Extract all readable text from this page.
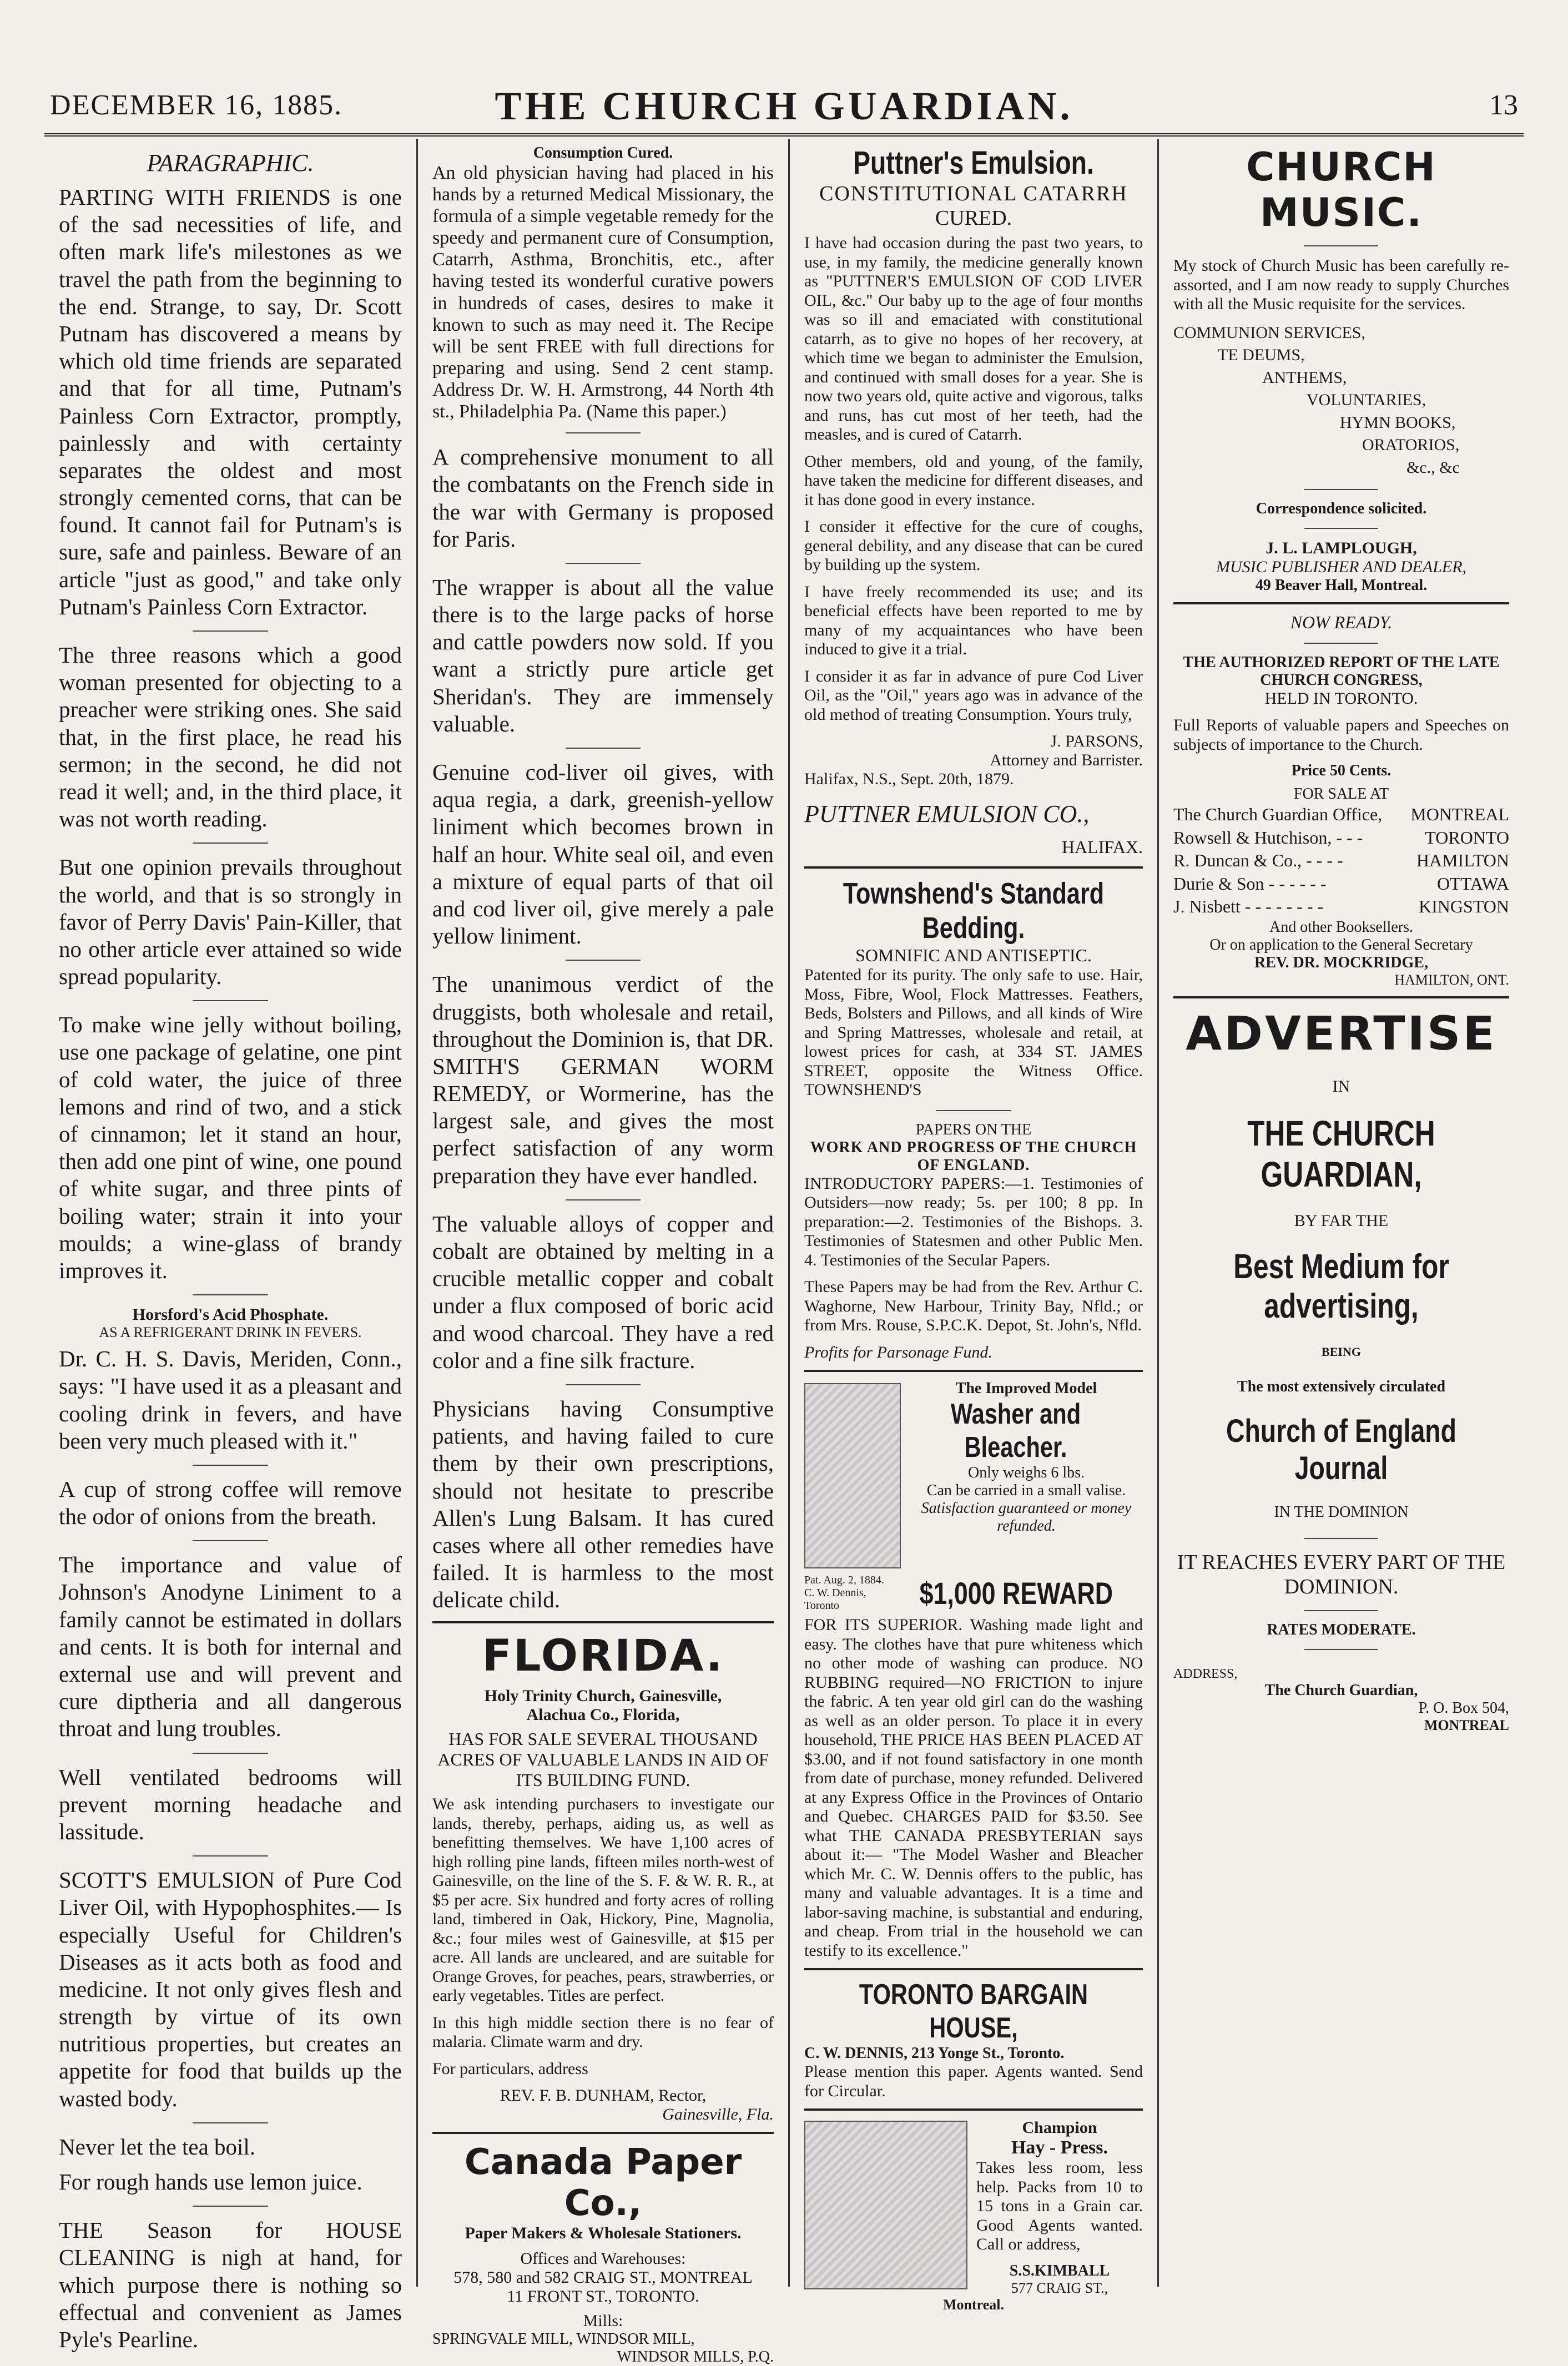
DECEMBER 16, 1885.	THE CHURCH GUARDIAN.	13
PARAGRAPHIC.

PARTING WITH FRIENDS is one of the sad necessities of life, and often mark life's milestones as we travel the path from the beginning to the end. Strange, to say, Dr. Scott Putnam has discovered a means by which old time friends are separated and that for all time, Putnam's Painless Corn Extractor, promptly, painlessly and with certainty separates the oldest and most strongly cemented corns, that can be found. It cannot fail for Putnam's is sure, safe and painless. Beware of an article "just as good," and take only Putnam's Painless Corn Extractor.

The three reasons which a good woman presented for objecting to a preacher were striking ones. She said that, in the first place, he read his sermon; in the second, he did not read it well; and, in the third place, it was not worth reading.

But one opinion prevails throughout the world, and that is so strongly in favor of Perry Davis' Pain-Killer, that no other article ever attained so wide spread popularity.

To make wine jelly without boiling, use one package of gelatine, one pint of cold water, the juice of three lemons and rind of two, and a stick of cinnamon; let it stand an hour, then add one pint of wine, one pound of white sugar, and three pints of boiling water; strain it into your moulds; a wine-glass of brandy improves it.

Horsford's Acid Phosphate.
AS A REFRIGERANT DRINK IN FEVERS.

Dr. C. H. S. Davis, Meriden, Conn., says: "I have used it as a pleasant and cooling drink in fevers, and have been very much pleased with it."

A cup of strong coffee will remove the odor of onions from the breath.

The importance and value of Johnson's Anodyne Liniment to a family cannot be estimated in dollars and cents. It is both for internal and external use and will prevent and cure diptheria and all dangerous throat and lung troubles.

Well ventilated bedrooms will prevent morning headache and lassitude.

SCOTT'S EMULSION of Pure Cod Liver Oil, with Hypophosphites.— Is especially Useful for Children's Diseases as it acts both as food and medicine. It not only gives flesh and strength by virtue of its own nutritious properties, but creates an appetite for food that builds up the wasted body.

Never let the tea boil.

For rough hands use lemon juice.

THE Season for HOUSE CLEANING is nigh at hand, for which purpose there is nothing so effectual and convenient as James Pyle's Pearline.

Consumption Cured.

An old physician having had placed in his hands by a returned Medical Missionary, the formula of a simple vegetable remedy for the speedy and permanent cure of Consumption, Catarrh, Asthma, Bronchitis, etc., after having tested its wonderful curative powers in hundreds of cases, desires to make it known to such as may need it. The Recipe will be sent FREE with full directions for preparing and using. Send 2 cent stamp. Address Dr. W. H. Armstrong, 44 North 4th st., Philadelphia Pa. (Name this paper.)

A comprehensive monument to all the combatants on the French side in the war with Germany is proposed for Paris.

The wrapper is about all the value there is to the large packs of horse and cattle powders now sold. If you want a strictly pure article get Sheridan's. They are immensely valuable.

Genuine cod-liver oil gives, with aqua regia, a dark, greenish-yellow liniment which becomes brown in half an hour. White seal oil, and even a mixture of equal parts of that oil and cod liver oil, give merely a pale yellow liniment.

The unanimous verdict of the druggists, both wholesale and retail, throughout the Dominion is, that DR. SMITH'S GERMAN WORM REMEDY, or Wormerine, has the largest sale, and gives the most perfect satisfaction of any worm preparation they have ever handled.

The valuable alloys of copper and cobalt are obtained by melting in a crucible metallic copper and cobalt under a flux composed of boric acid and wood charcoal. They have a red color and a fine silk fracture.

Physicians having Consumptive patients, and having failed to cure them by their own prescriptions, should not hesitate to prescribe Allen's Lung Balsam. It has cured cases where all other remedies have failed. It is harmless to the most delicate child.

FLORIDA.
Holy Trinity Church, Gainesville,
Alachua Co., Florida,
HAS FOR SALE SEVERAL THOUSAND ACRES OF VALUABLE LANDS IN AID OF ITS BUILDING FUND.

We ask intending purchasers to investigate our lands, thereby, perhaps, aiding us, as well as benefitting themselves. We have 1,100 acres of high rolling pine lands, fifteen miles north-west of Gainesville, on the line of the S. F. & W. R. R., at $5 per acre. Six hundred and forty acres of rolling land, timbered in Oak, Hickory, Pine, Magnolia, &c.; four miles west of Gainesville, at $15 per acre. All lands are uncleared, and are suitable for Orange Groves, for peaches, pears, strawberries, or early vegetables. Titles are perfect.

In this high middle section there is no fear of malaria. Climate warm and dry.

For particulars, address

REV. F. B. DUNHAM, Rector,
Gainesville, Fla.
Canada Paper Co.,
Paper Makers & Wholesale Stationers.
Offices and Warehouses:
578, 580 and 582 CRAIG ST., MONTREAL
11 FRONT ST., TORONTO.
Mills:
SPRINGVALE MILL, WINDSOR MILL,
WINDSOR MILLS, P.Q.
Puttner's Emulsion.
CONSTITUTIONAL CATARRH
CURED.

I have had occasion during the past two years, to use, in my family, the medicine generally known as "PUTTNER'S EMULSION OF COD LIVER OIL, &c." Our baby up to the age of four months was so ill and emaciated with constitutional catarrh, as to give no hopes of her recovery, at which time we began to administer the Emulsion, and continued with small doses for a year. She is now two years old, quite active and vigorous, talks and runs, has cut most of her teeth, had the measles, and is cured of Catarrh.

Other members, old and young, of the family, have taken the medicine for different diseases, and it has done good in every instance.

I consider it effective for the cure of coughs, general debility, and any disease that can be cured by building up the system.

I have freely recommended its use; and its beneficial effects have been reported to me by many of my acquaintances who have been induced to give it a trial.

I consider it as far in advance of pure Cod Liver Oil, as the "Oil," years ago was in advance of the old method of treating Consumption. Yours truly,

J. PARSONS,
Attorney and Barrister.
Halifax, N.S., Sept. 20th, 1879.
PUTTNER EMULSION CO.,
HALIFAX.
Townshend's Standard Bedding.
SOMNIFIC AND ANTISEPTIC.

Patented for its purity. The only safe to use. Hair, Moss, Fibre, Wool, Flock Mattresses. Feathers, Beds, Bolsters and Pillows, and all kinds of Wire and Spring Mattresses, wholesale and retail, at lowest prices for cash, at 334 ST. JAMES STREET, opposite the Witness Office. TOWNSHEND'S

PAPERS ON THE
WORK AND PROGRESS OF THE CHURCH OF ENGLAND.

INTRODUCTORY PAPERS:—1. Testimonies of Outsiders—now ready; 5s. per 100; 8 pp. In preparation:—2. Testimonies of the Bishops. 3. Testimonies of Statesmen and other Public Men. 4. Testimonies of the Secular Papers.

These Papers may be had from the Rev. Arthur C. Waghorne, New Harbour, Trinity Bay, Nfld.; or from Mrs. Rouse, S.P.C.K. Depot, St. John's, Nfld.

Profits for Parsonage Fund.

The Improved Model
Washer and Bleacher.
Only weighs 6 lbs.
Can be carried in a small valise.
Satisfaction guaranteed or money refunded.
Pat. Aug. 2, 1884. C. W. Dennis, Toronto	$1,000 REWARD

FOR ITS SUPERIOR. Washing made light and easy. The clothes have that pure whiteness which no other mode of washing can produce. NO RUBBING required—NO FRICTION to injure the fabric. A ten year old girl can do the washing as well as an older person. To place it in every household, THE PRICE HAS BEEN PLACED AT $3.00, and if not found satisfactory in one month from date of purchase, money refunded. Delivered at any Express Office in the Provinces of Ontario and Quebec. CHARGES PAID for $3.50. See what THE CANADA PRESBYTERIAN says about it:— "The Model Washer and Bleacher which Mr. C. W. Dennis offers to the public, has many and valuable advantages. It is a time and labor-saving machine, is substantial and enduring, and cheap. From trial in the household we can testify to its excellence."

TORONTO BARGAIN HOUSE,
C. W. DENNIS, 213 Yonge St., Toronto.

Please mention this paper. Agents wanted. Send for Circular.

Champion
Hay - Press.

Takes less room, less help. Packs from 10 to 15 tons in a Grain car. Good Agents wanted. Call or address,

S.S.KIMBALL
577 CRAIG ST.,
Montreal.
CHURCH MUSIC.

My stock of Church Music has been carefully re-assorted, and I am now ready to supply Churches with all the Music requisite for the services.

COMMUNION SERVICES,
TE DEUMS,
ANTHEMS,
VOLUNTARIES,
HYMN BOOKS,
ORATORIOS,
&c., &c
Correspondence solicited.
J. L. LAMPLOUGH,
MUSIC PUBLISHER AND DEALER,
49 Beaver Hall, Montreal.
NOW READY.
THE AUTHORIZED REPORT OF THE LATE CHURCH CONGRESS,
HELD IN TORONTO.

Full Reports of valuable papers and Speeches on subjects of importance to the Church.

Price 50 Cents.
FOR SALE AT
The Church Guardian Office, MONTREAL
Rowsell & Hutchison, - - -	TORONTO
R. Duncan & Co., - - - -	HAMILTON
Durie & Son - - - - - -	OTTAWA
J. Nisbett - - - - - - - -	KINGSTON
And other Booksellers.
Or on application to the General Secretary
REV. DR. MOCKRIDGE,
HAMILTON, ONT.
ADVERTISE
IN
THE CHURCH GUARDIAN,
BY FAR THE
Best Medium for advertising,
BEING
The most extensively circulated
Church of England Journal
IN THE DOMINION
IT REACHES EVERY PART OF THE DOMINION.
RATES MODERATE.
ADDRESS,
The Church Guardian,
P. O. Box 504,
MONTREAL
